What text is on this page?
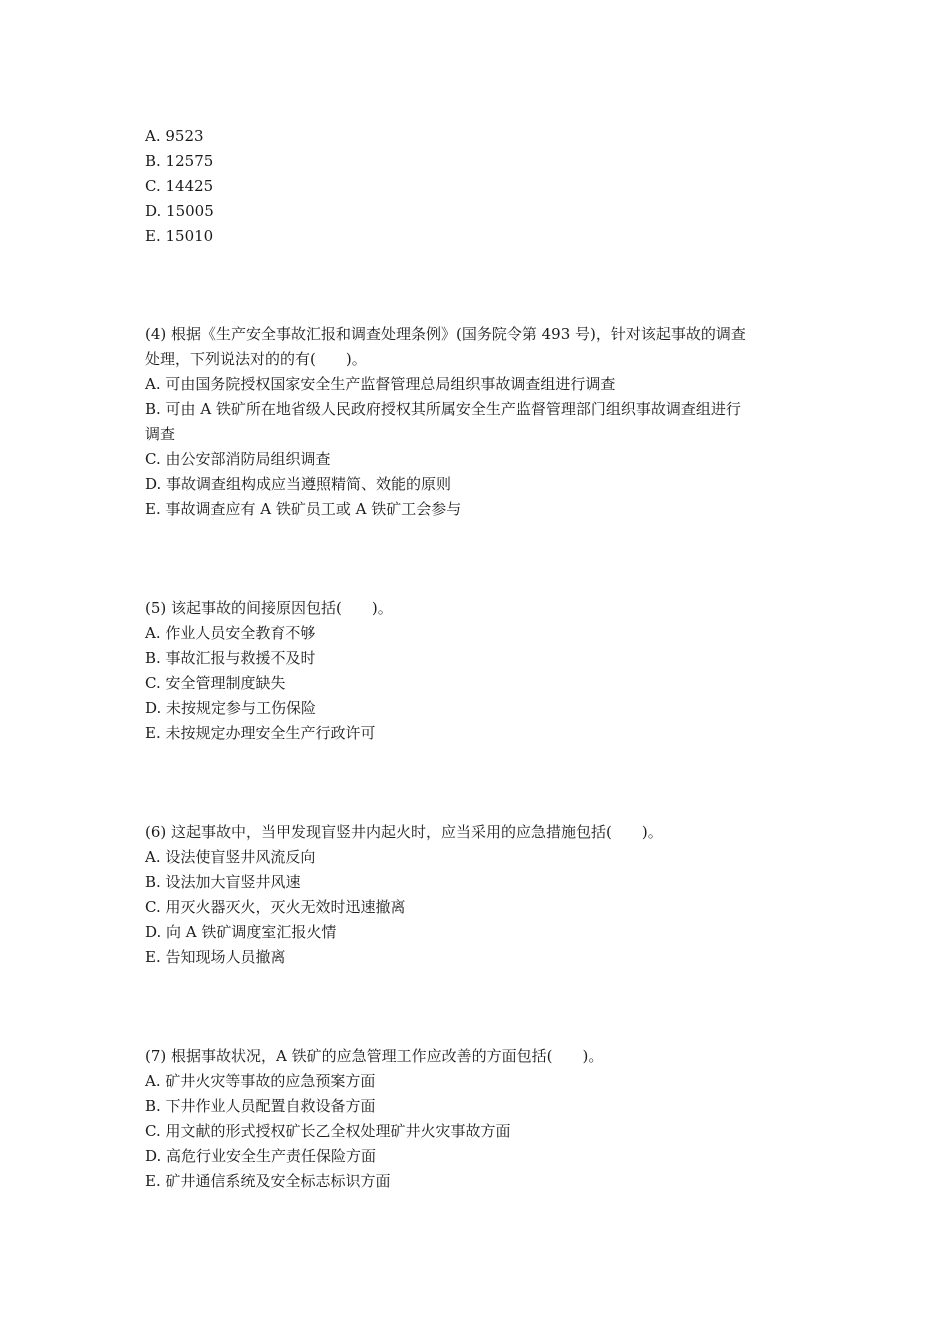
A. 9523
B. 12575
C. 14425
D. 15005
E. 15010
(4) 根据《生产安全事故汇报和调查处理条例》(国务院令第 493 号)，针对该起事故的调查
处理，下列说法对的的有(　　)。
A. 可由国务院授权国家安全生产监督管理总局组织事故调查组进行调查
B. 可由 A 铁矿所在地省级人民政府授权其所属安全生产监督管理部门组织事故调查组进行
调查
C. 由公安部消防局组织调查
D. 事故调查组构成应当遵照精简、效能的原则
E. 事故调查应有 A 铁矿员工或 A 铁矿工会参与
(5) 该起事故的间接原因包括(　　)。
A. 作业人员安全教育不够
B. 事故汇报与救援不及时
C. 安全管理制度缺失
D. 未按规定参与工伤保险
E. 未按规定办理安全生产行政许可
(6) 这起事故中，当甲发现盲竖井内起火时，应当采用的应急措施包括(　　)。
A. 设法使盲竖井风流反向
B. 设法加大盲竖井风速
C. 用灭火器灭火，灭火无效时迅速撤离
D. 向 A 铁矿调度室汇报火情
E. 告知现场人员撤离
(7) 根据事故状况，A 铁矿的应急管理工作应改善的方面包括(　　)。
A. 矿井火灾等事故的应急预案方面
B. 下井作业人员配置自救设备方面
C. 用文献的形式授权矿长乙全权处理矿井火灾事故方面
D. 高危行业安全生产责任保险方面
E. 矿井通信系统及安全标志标识方面
